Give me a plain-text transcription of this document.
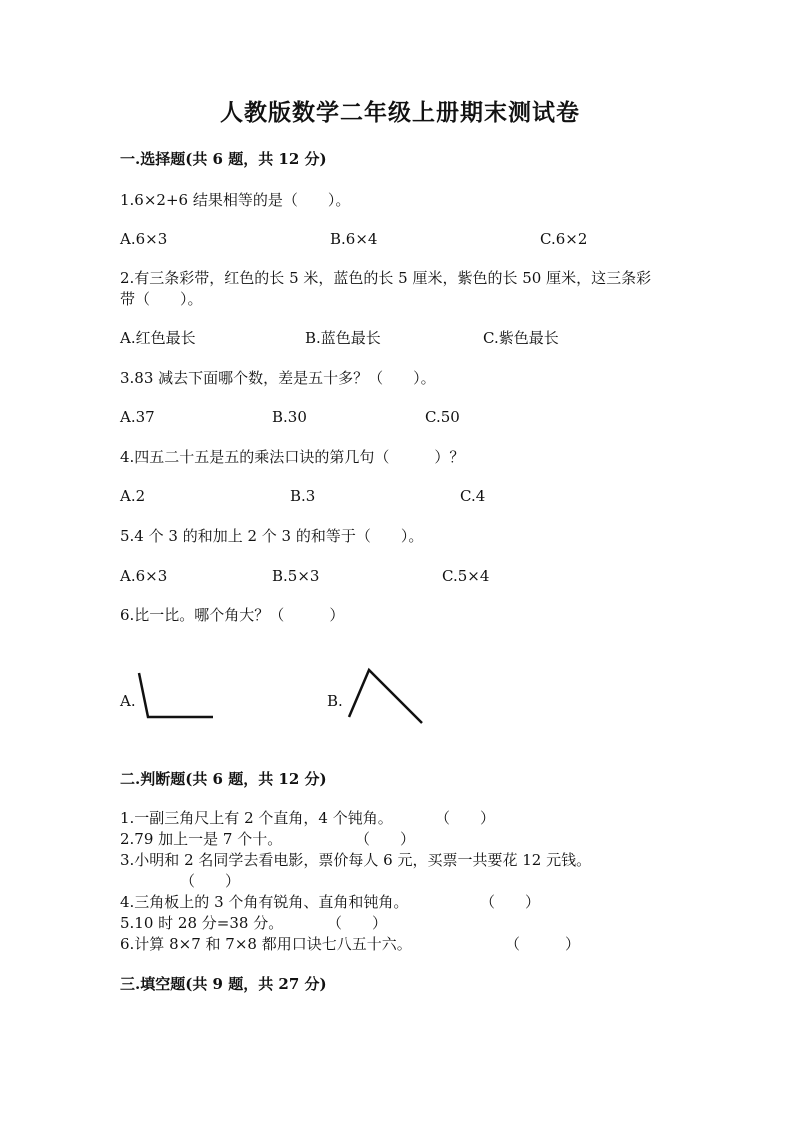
人教版数学二年级上册期末测试卷
一.选择题(共 6 题，共 12 分)
1.6×2+6 结果相等的是（　　）。
A.6×3	B.6×4	C.6×2
2.有三条彩带，红色的长 5 米，蓝色的长 5 厘米，紫色的长 50 厘米，这三条彩
带（　　）。
A.红色最长	B.蓝色最长	C.紫色最长
3.83 减去下面哪个数，差是五十多？（　　）。
A.37	B.30	C.50
4.四五二十五是五的乘法口诀的第几句（　　　）？
A.2	B.3	C.4
5.4 个 3 的和加上 2 个 3 的和等于（　　）。
A.6×3	B.5×3	C.5×4
6.比一比。哪个角大？（　　　）
A.	B.
二.判断题(共 6 题，共 12 分)
1.一副三角尺上有 2 个直角，4 个钝角。	（　　）
2.79 加上一是 7 个十。	（　　）
3.小明和 2 名同学去看电影，票价每人 6 元，买票一共要花 12 元钱。
（　　）
4.三角板上的 3 个角有锐角、直角和钝角。	（　　）
5.10 时 28 分=38 分。	（　　）
6.计算 8×7 和 7×8 都用口诀七八五十六。	（　　　）
三.填空题(共 9 题，共 27 分)
